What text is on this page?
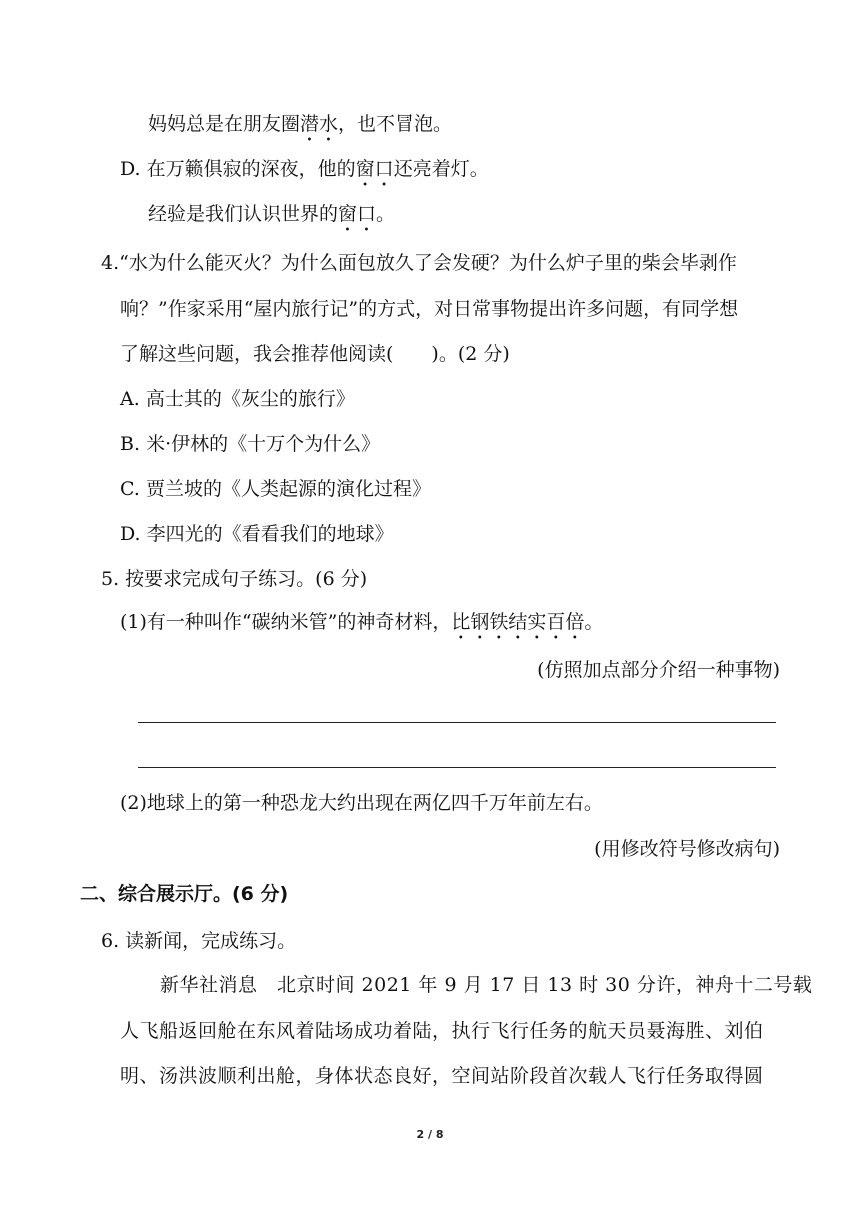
妈妈总是在朋友圈潜水，也不冒泡。
D. 在万籁俱寂的深夜，他的窗口还亮着灯。
经验是我们认识世界的窗口。
4.“水为什么能灭火？为什么面包放久了会发硬？为什么炉子里的柴会毕剥作
响？”作家采用“屋内旅行记”的方式，对日常事物提出许多问题，有同学想
了解这些问题，我会推荐他阅读(　　)。(2 分)
A. 高士其的《灰尘的旅行》
B. 米·伊林的《十万个为什么》
C. 贾兰坡的《人类起源的演化过程》
D. 李四光的《看看我们的地球》
5. 按要求完成句子练习。(6 分)
(1)有一种叫作“碳纳米管”的神奇材料，比钢铁结实百倍。
(仿照加点部分介绍一种事物)
(2)地球上的第一种恐龙大约出现在两亿四千万年前左右。
(用修改符号修改病句)
二、综合展示厅。(6 分)
6. 读新闻，完成练习。
新华社消息　北京时间 2021 年 9 月 17 日 13 时 30 分许，神舟十二号载
人飞船返回舱在东风着陆场成功着陆，执行飞行任务的航天员聂海胜、刘伯
明、汤洪波顺利出舱，身体状态良好，空间站阶段首次载人飞行任务取得圆
2 / 8
